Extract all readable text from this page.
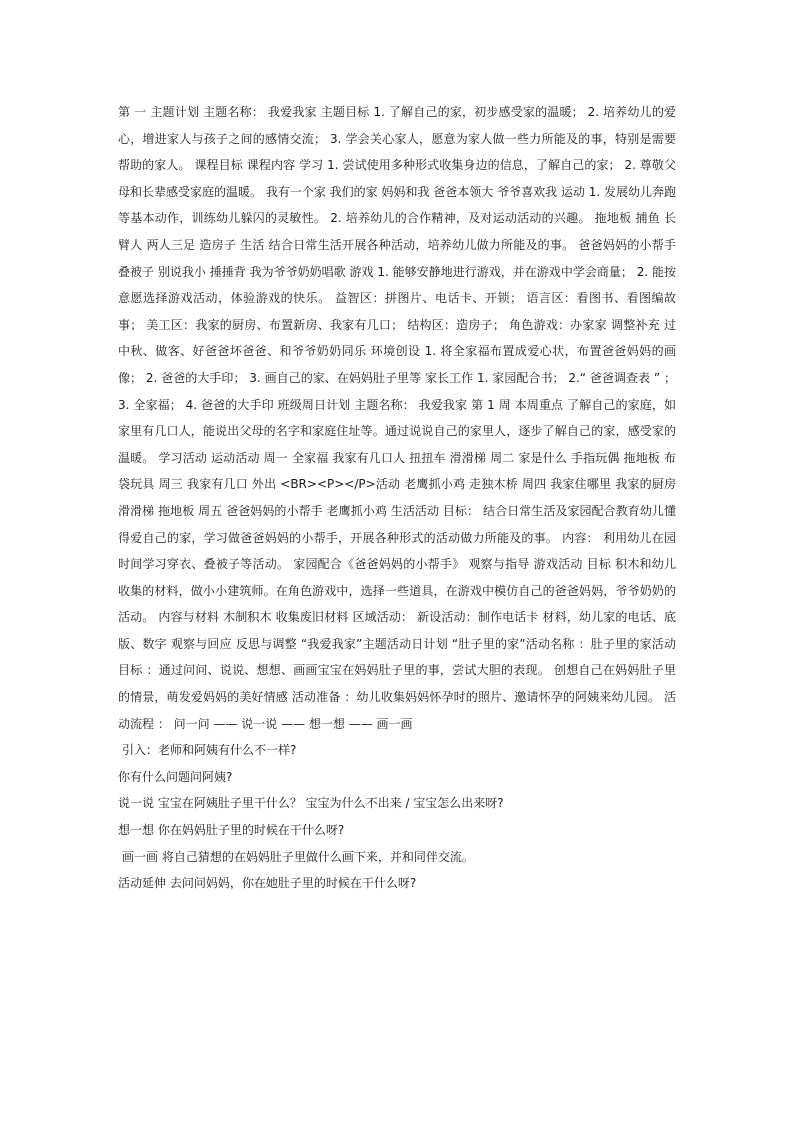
第 一 主题计划 主题名称： 我爱我家 主题目标 1. 了解自己的家，初步感受家的温暖； 2. 培养幼儿的爱心，增进家人与孩子之间的感情交流； 3. 学会关心家人，愿意为家人做一些力所能及的事，特别是需要帮助的家人。 课程目标 课程内容 学习 1. 尝试使用多种形式收集身边的信息，了解自己的家； 2. 尊敬父母和长辈感受家庭的温暖。 我有一个家 我们的家 妈妈和我 爸爸本领大 爷爷喜欢我 运动 1. 发展幼儿奔跑等基本动作，训练幼儿躲闪的灵敏性。 2. 培养幼儿的合作精神，及对运动活动的兴趣。 拖地板 捕鱼 长臂人 两人三足 造房子 生活 结合日常生活开展各种活动，培养幼儿做力所能及的事。 爸爸妈妈的小帮手 叠被子 别说我小 捶捶背 我为爷爷奶奶唱歌 游戏 1. 能够安静地进行游戏，并在游戏中学会商量； 2. 能按意愿选择游戏活动，体验游戏的快乐。 益智区：拼图片、电话卡、开锁； 语言区：看图书、看图编故事； 美工区：我家的厨房、布置新房、我家有几口； 结构区：造房子； 角色游戏：办家家 调整补充 过中秋、做客、好爸爸坏爸爸、和爷爷奶奶同乐 环境创设 1. 将全家福布置成爱心状，布置爸爸妈妈的画像； 2. 爸爸的大手印； 3. 画自己的家、在妈妈肚子里等 家长工作 1. 家园配合书； 2.“ 爸爸调查表 ” ； 3. 全家福； 4. 爸爸的大手印 班级周日计划 主题名称： 我爱我家 第 1 周 本周重点 了解自己的家庭，如家里有几口人，能说出父母的名字和家庭住址等。通过说说自己的家里人，逐步了解自己的家，感受家的温暖。 学习活动 运动活动 周一 全家福 我家有几口人 扭扭车 滑滑梯 周二 家是什么 手指玩偶 拖地板 布袋玩具 周三 我家有几口 外出 <BR><P></P>活动 老鹰抓小鸡 走独木桥 周四 我家住哪里 我家的厨房 滑滑梯 拖地板 周五 爸爸妈妈的小帮手 老鹰抓小鸡 生活活动 目标： 结合日常生活及家园配合教育幼儿懂得爱自己的家，学习做爸爸妈妈的小帮手，开展各种形式的活动做力所能及的事。 内容： 利用幼儿在园时间学习穿衣、叠被子等活动。 家园配合《爸爸妈妈的小帮手》 观察与指导 游戏活动 目标 积木和幼儿收集的材料，做小小建筑师。在角色游戏中，选择一些道具，在游戏中模仿自己的爸爸妈妈，爷爷奶奶的活动。 内容与材料 木制积木 收集废旧材料 区域活动： 新设活动：制作电话卡 材料，幼儿家的电话、底版、数字 观察与回应 反思与调整 “我爱我家”主题活动日计划 “肚子里的家”活动名称 ：肚子里的家活动目标 ：通过问问、说说、想想、画画宝宝在妈妈肚子里的事，尝试大胆的表现。 创想自己在妈妈肚子里的情景，萌发爱妈妈的美好情感 活动准备 ：幼儿收集妈妈怀孕时的照片、邀请怀孕的阿姨来幼儿园。 活动流程 ： 问一问 —— 说一说 —— 想一想 —— 画一画

引入：老师和阿姨有什么不一样?

你有什么问题问阿姨?

说一说 宝宝在阿姨肚子里干什么？ 宝宝为什么不出来 / 宝宝怎么出来呀?

想一想 你在妈妈肚子里的时候在干什么呀?

画一画 将自己猜想的在妈妈肚子里做什么画下来，并和同伴交流。

活动延伸 去问问妈妈，你在她肚子里的时候在干什么呀?
